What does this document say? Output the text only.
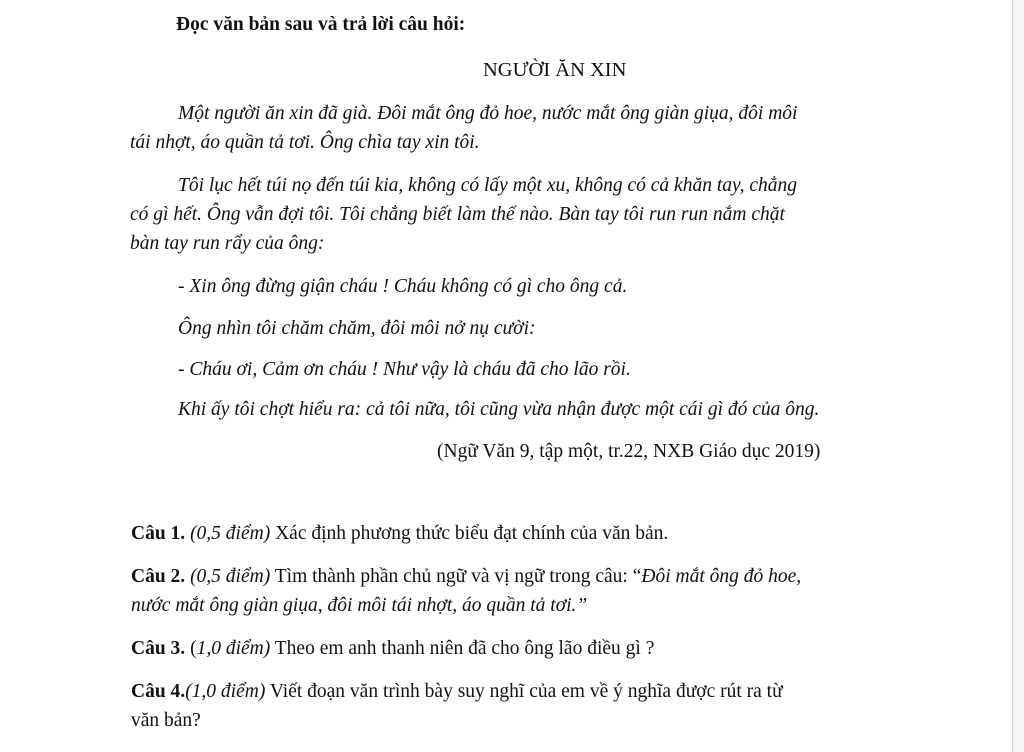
Đọc văn bản sau và trả lời câu hỏi:
NGƯỜI ĂN XIN
Một người ăn xin đã già. Đôi mắt ông đỏ hoe, nước mắt ông giàn giụa, đôi môi
tái nhợt, áo quần tả tơi. Ông chìa tay xin tôi.
Tôi lục hết túi nọ đến túi kia, không có lấy một xu, không có cả khăn tay, chẳng
có gì hết. Ông vẫn đợi tôi. Tôi chẳng biết làm thế nào. Bàn tay tôi run run nắm chặt
bàn tay run rẩy của ông:
- Xin ông đừng giận cháu ! Cháu không có gì cho ông cả.
Ông nhìn tôi chăm chăm, đôi môi nở nụ cười:
- Cháu ơi, Cảm ơn cháu ! Như vậy là cháu đã cho lão rồi.
Khi ấy tôi chợt hiểu ra: cả tôi nữa, tôi cũng vừa nhận được một cái gì đó của ông.
(Ngữ Văn 9, tập một, tr.22, NXB Giáo dục 2019)
Câu 1. (0,5 điểm) Xác định phương thức biểu đạt chính của văn bản.
Câu 2. (0,5 điểm) Tìm thành phần chủ ngữ và vị ngữ trong câu: “Đôi mắt ông đỏ hoe,
nước mắt ông giàn giụa, đôi môi tái nhợt, áo quần tả tơi.”
Câu 3. (1,0 điểm) Theo em anh thanh niên đã cho ông lão điều gì ?
Câu 4.(1,0 điểm) Viết đoạn văn trình bày suy nghĩ của em về ý nghĩa được rút ra từ
văn bản?
